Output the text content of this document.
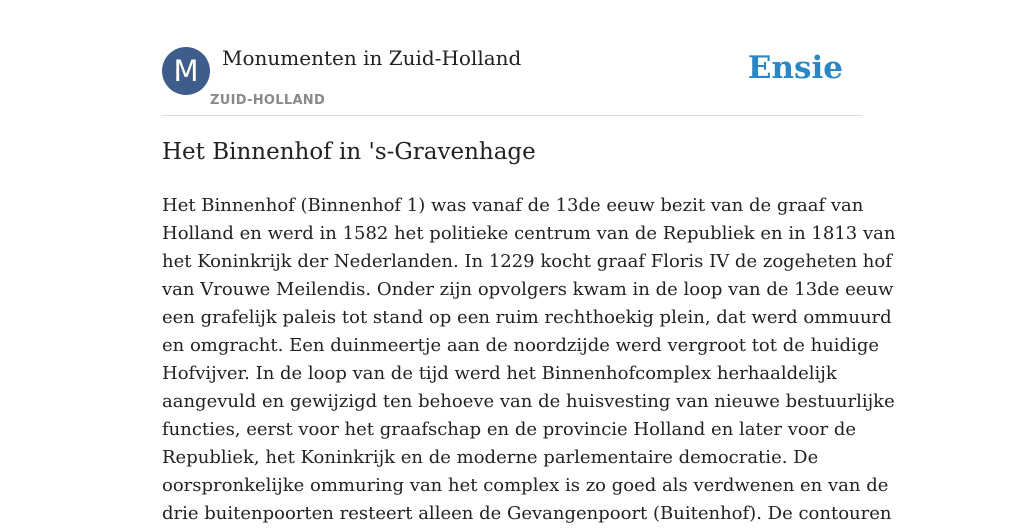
M	Monumenten in Zuid-Holland
ZUID-HOLLAND
Ensie
Het Binnenhof in 's-Gravenhage
Het Binnenhof (Binnenhof 1) was vanaf de 13de eeuw bezit van de graaf van
Holland en werd in 1582 het politieke centrum van de Republiek en in 1813 van
het Koninkrijk der Nederlanden. In 1229 kocht graaf Floris IV de zogeheten hof
van Vrouwe Meilendis. Onder zijn opvolgers kwam in de loop van de 13de eeuw
een grafelijk paleis tot stand op een ruim rechthoekig plein, dat werd ommuurd
en omgracht. Een duinmeertje aan de noordzijde werd vergroot tot de huidige
Hofvijver. In de loop van de tijd werd het Binnenhofcomplex herhaaldelijk
aangevuld en gewijzigd ten behoeve van de huisvesting van nieuwe bestuurlijke
functies, eerst voor het graafschap en de provincie Holland en later voor de
Republiek, het Koninkrijk en de moderne parlementaire democratie. De
oorspronkelijke ommuring van het complex is zo goed als verdwenen en van de
drie buitenpoorten resteert alleen de Gevangenpoort (Buitenhof). De contouren
